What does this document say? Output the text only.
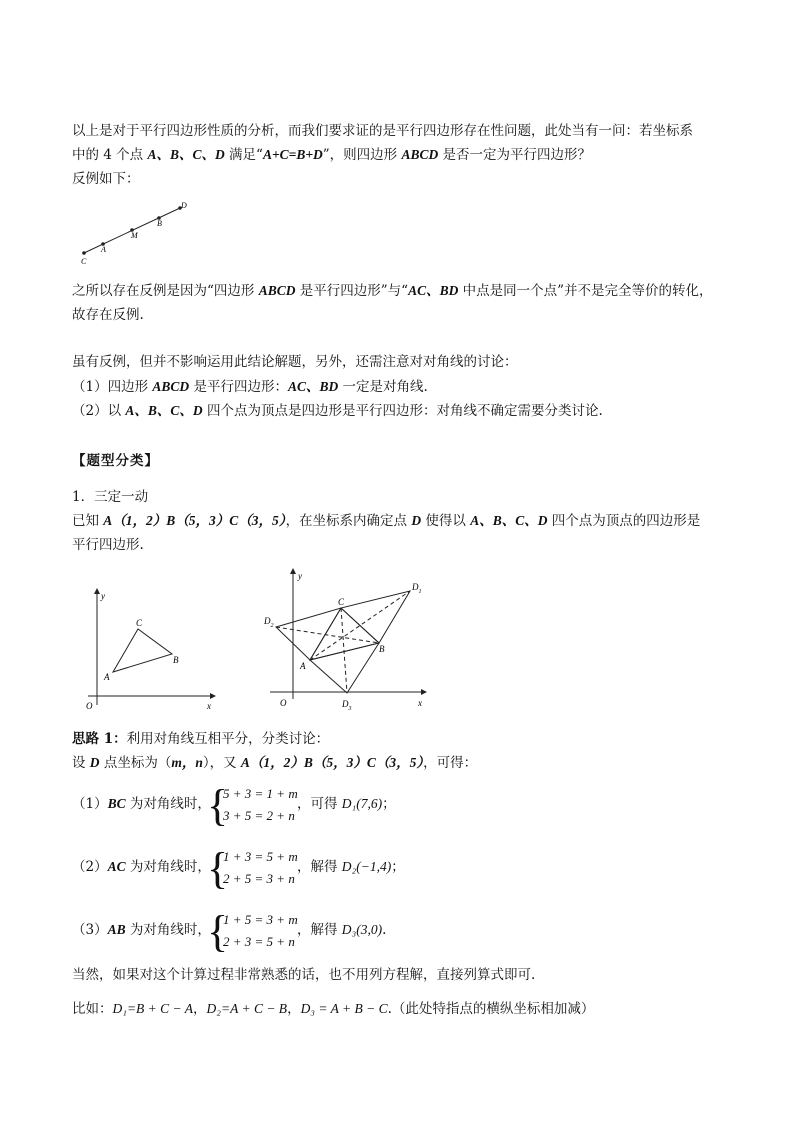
以上是对于平行四边形性质的分析，而我们要求证的是平行四边形存在性问题，此处当有一问：若坐标系
中的 4 个点 A、B、C、D 满足“A+C=B+D”，则四边形 ABCD 是否一定为平行四边形？
反例如下：
C
A
M
B
D
之所以存在反例是因为“四边形 ABCD 是平行四边形”与“AC、BD 中点是同一个点”并不是完全等价的转化，
故存在反例.
虽有反例，但并不影响运用此结论解题，另外，还需注意对对角线的讨论：
（1）四边形 ABCD 是平行四边形：AC、BD 一定是对角线.
（2）以 A、B、C、D 四个点为顶点是四边形是平行四边形：对角线不确定需要分类讨论.
【题型分类】
1．三定一动
已知 A（1，2）B（5，3）C（3，5），在坐标系内确定点 D 使得以 A、B、C、D 四个点为顶点的四边形是
平行四边形.
y
x
O
A
B
C
y
x
O
A
B
C
$D_1$
$D_2$
$D_3$
思路 1：利用对角线互相平分，分类讨论：
设 D 点坐标为（m，n），又 A（1，2）B（5，3）C（3，5），可得：
（1）BC 为对角线时，
{
5 + 3 = 1 + m
3 + 5 = 2 + n
，可得 D₁(7,6)；
（2）AC 为对角线时，
{
1 + 3 = 5 + m
2 + 5 = 3 + n
，解得 D₂(−1,4)；
（3）AB 为对角线时，
{
1 + 5 = 3 + m
2 + 3 = 5 + n
，解得 D₃(3,0).
当然，如果对这个计算过程非常熟悉的话，也不用列方程解，直接列算式即可.
比如：D₁=B + C − A，D₂=A + C − B，D₃ = A + B − C.（此处特指点的横纵坐标相加减）
